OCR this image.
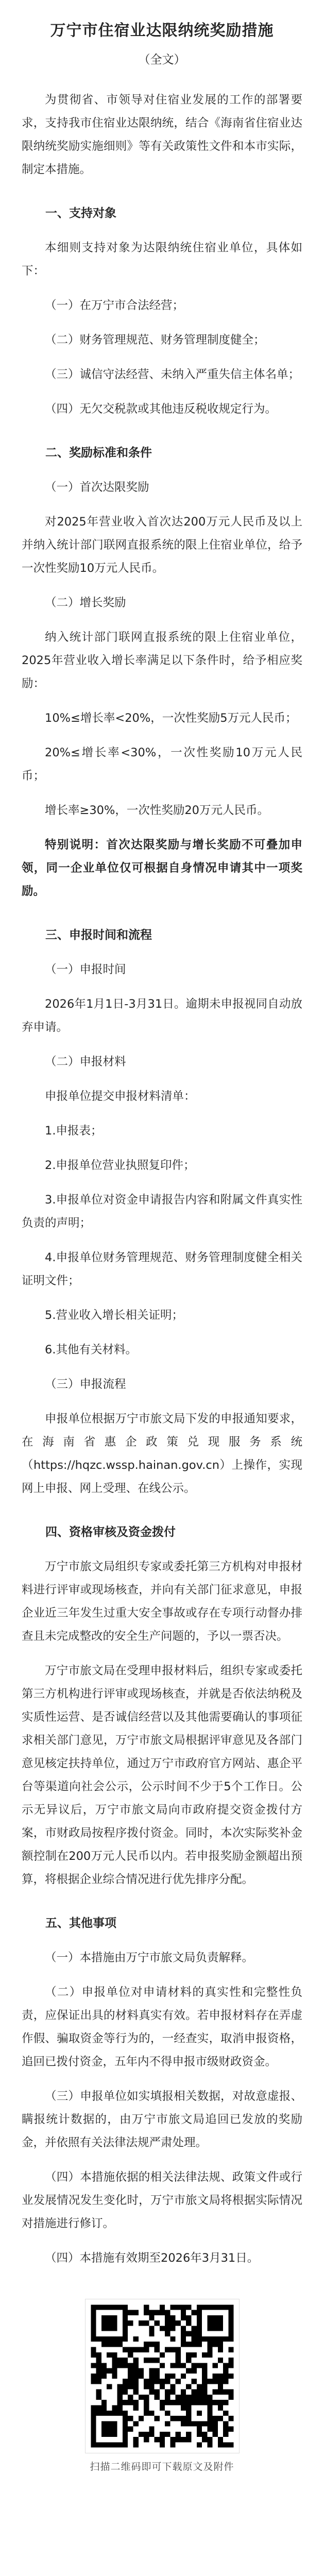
万宁市住宿业达限纳统奖励措施
（全文）

为贯彻省、市领导对住宿业发展的工作的部署要求，支持我市住宿业达限纳统，结合《海南省住宿业达限纳统奖励实施细则》等有关政策性文件和本市实际，制定本措施。

一、支持对象

本细则支持对象为达限纳统住宿业单位，具体如下：

（一）在万宁市合法经营；

（二）财务管理规范、财务管理制度健全；

（三）诚信守法经营、未纳入严重失信主体名单；

（四）无欠交税款或其他违反税收规定行为。

二、奖励标准和条件

（一）首次达限奖励

对2025年营业收入首次达200万元人民币及以上并纳入统计部门联网直报系统的限上住宿业单位，给予一次性奖励10万元人民币。

（二）增长奖励

纳入统计部门联网直报系统的限上住宿业单位，2025年营业收入增长率满足以下条件时，给予相应奖励：

10%≤增长率<20%，一次性奖励5万元人民币；

20%≤增长率<30%，一次性奖励10万元人民币；

增长率≥30%，一次性奖励20万元人民币。

特别说明：首次达限奖励与增长奖励不可叠加申领，同一企业单位仅可根据自身情况申请其中一项奖励。

三、申报时间和流程

（一）申报时间

2026年1月1日-3月31日。逾期未申报视同自动放弃申请。

（二）申报材料

申报单位提交申报材料清单：

1.申报表；

2.申报单位营业执照复印件；

3.申报单位对资金申请报告内容和附属文件真实性负责的声明；

4.申报单位财务管理规范、财务管理制度健全相关证明文件；

5.营业收入增长相关证明；

6.其他有关材料。

（三）申报流程

申报单位根据万宁市旅文局下发的申报通知要求，在海南省惠企政策兑现服务系统（https://hqzc.wssp.hainan.gov.cn）上操作，实现网上申报、网上受理、在线公示。

四、资格审核及资金拨付

万宁市旅文局组织专家或委托第三方机构对申报材料进行评审或现场核查，并向有关部门征求意见，申报企业近三年发生过重大安全事故或存在专项行动督办排查且未完成整改的安全生产问题的，予以一票否决。

万宁市旅文局在受理申报材料后，组织专家或委托第三方机构进行评审或现场核查，并就是否依法纳税及实质性运营、是否诚信经营以及其他需要确认的事项征求相关部门意见，万宁市旅文局根据评审意见及各部门意见核定扶持单位，通过万宁市政府官方网站、惠企平台等渠道向社会公示，公示时间不少于5个工作日。公示无异议后，万宁市旅文局向市政府提交资金拨付方案，市财政局按程序拨付资金。同时，本次实际奖补金额控制在200万元人民币以内。若申报奖励金额超出预算，将根据企业综合情况进行优先排序分配。

五、其他事项

（一）本措施由万宁市旅文局负责解释。

（二）申报单位对申请材料的真实性和完整性负责，应保证出具的材料真实有效。若申报材料存在弄虚作假、骗取资金等行为的，一经查实，取消申报资格，追回已拨付资金，五年内不得申报市级财政资金。

（三）申报单位如实填报相关数据，对故意虚报、瞒报统计数据的，由万宁市旅文局追回已发放的奖励金，并依照有关法律法规严肃处理。

（四）本措施依据的相关法律法规、政策文件或行业发展情况发生变化时，万宁市旅文局将根据实际情况对措施进行修订。

（四）本措施有效期至2026年3月31日。

扫描二维码即可下载原文及附件
